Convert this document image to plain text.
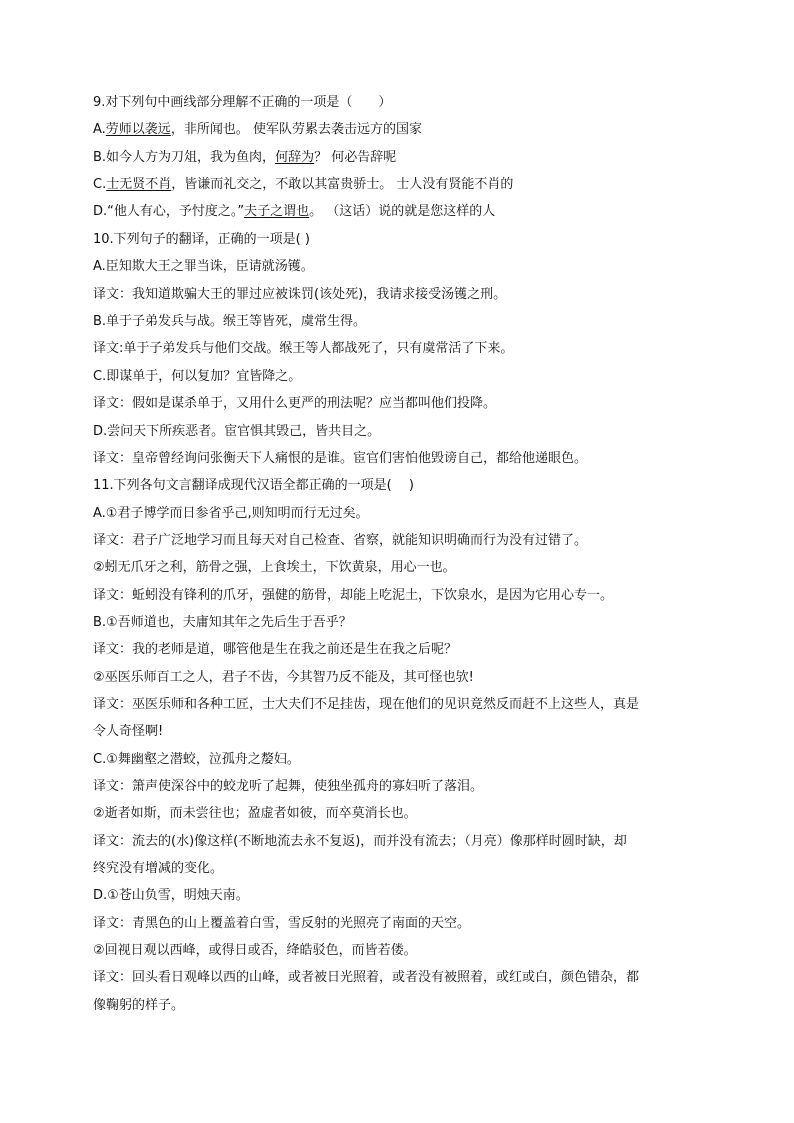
9.对下列句中画线部分理解不正确的一项是（　　）
A.劳师以袭远，非所闻也。 使军队劳累去袭击远方的国家
B.如今人方为刀俎，我为鱼肉，何辞为？ 何必告辞呢
C.士无贤不肖，皆谦而礼交之，不敢以其富贵骄士。 士人没有贤能不肖的
D.“他人有心，予忖度之。”夫子之谓也。 （这话）说的就是您这样的人
10.下列句子的翻译，正确的一项是( )
A.臣知欺大王之罪当诛，臣请就汤镬。
译文：我知道欺骗大王的罪过应被诛罚(该处死)，我请求接受汤镬之刑。
B.单于子弟发兵与战。缑王等皆死，虞常生得。
译文:单于子弟发兵与他们交战。缑王等人都战死了，只有虞常活了下来。
C.即谋单于，何以复加？宜皆降之。
译文：假如是谋杀单于，又用什么更严的刑法呢？应当都叫他们投降。
D.尝问天下所疾恶者。宦官惧其毁己，皆共目之。
译文：皇帝曾经询问张衡天下人痛恨的是谁。宦官们害怕他毁谤自己，都给他递眼色。
11.下列各句文言翻译成现代汉语全都正确的一项是(　 )
A.①君子博学而日参省乎己,则知明而行无过矣。
译文：君子广泛地学习而且每天对自己检查、省察，就能知识明确而行为没有过错了。
②蚓无爪牙之利，筋骨之强，上食埃土，下饮黄泉，用心一也。
译文：蚯蚓没有锋利的爪牙，强健的筋骨，却能上吃泥土，下饮泉水，是因为它用心专一。
B.①吾师道也，夫庸知其年之先后生于吾乎？
译文：我的老师是道，哪管他是生在我之前还是生在我之后呢？
②巫医乐师百工之人，君子不齿，今其智乃反不能及，其可怪也欤!
译文：巫医乐师和各种工匠，士大夫们不足挂齿，现在他们的见识竟然反而赶不上这些人，真是
令人奇怪啊!
C.①舞幽壑之潜蛟，泣孤舟之嫠妇。
译文：箫声使深谷中的蛟龙听了起舞，使独坐孤舟的寡妇听了落泪。
②逝者如斯，而未尝往也；盈虚者如彼，而卒莫消长也。
译文：流去的(水)像这样(不断地流去永不复返)，而并没有流去；（月亮）像那样时圆时缺，却
终究没有增减的变化。
D.①苍山负雪，明烛天南。
译文：青黑色的山上覆盖着白雪，雪反射的光照亮了南面的天空。
②回视日观以西峰，或得日或否，绛皓驳色，而皆若偻。
译文：回头看日观峰以西的山峰，或者被日光照着，或者没有被照着，或红或白，颜色错杂，都
像鞠躬的样子。
